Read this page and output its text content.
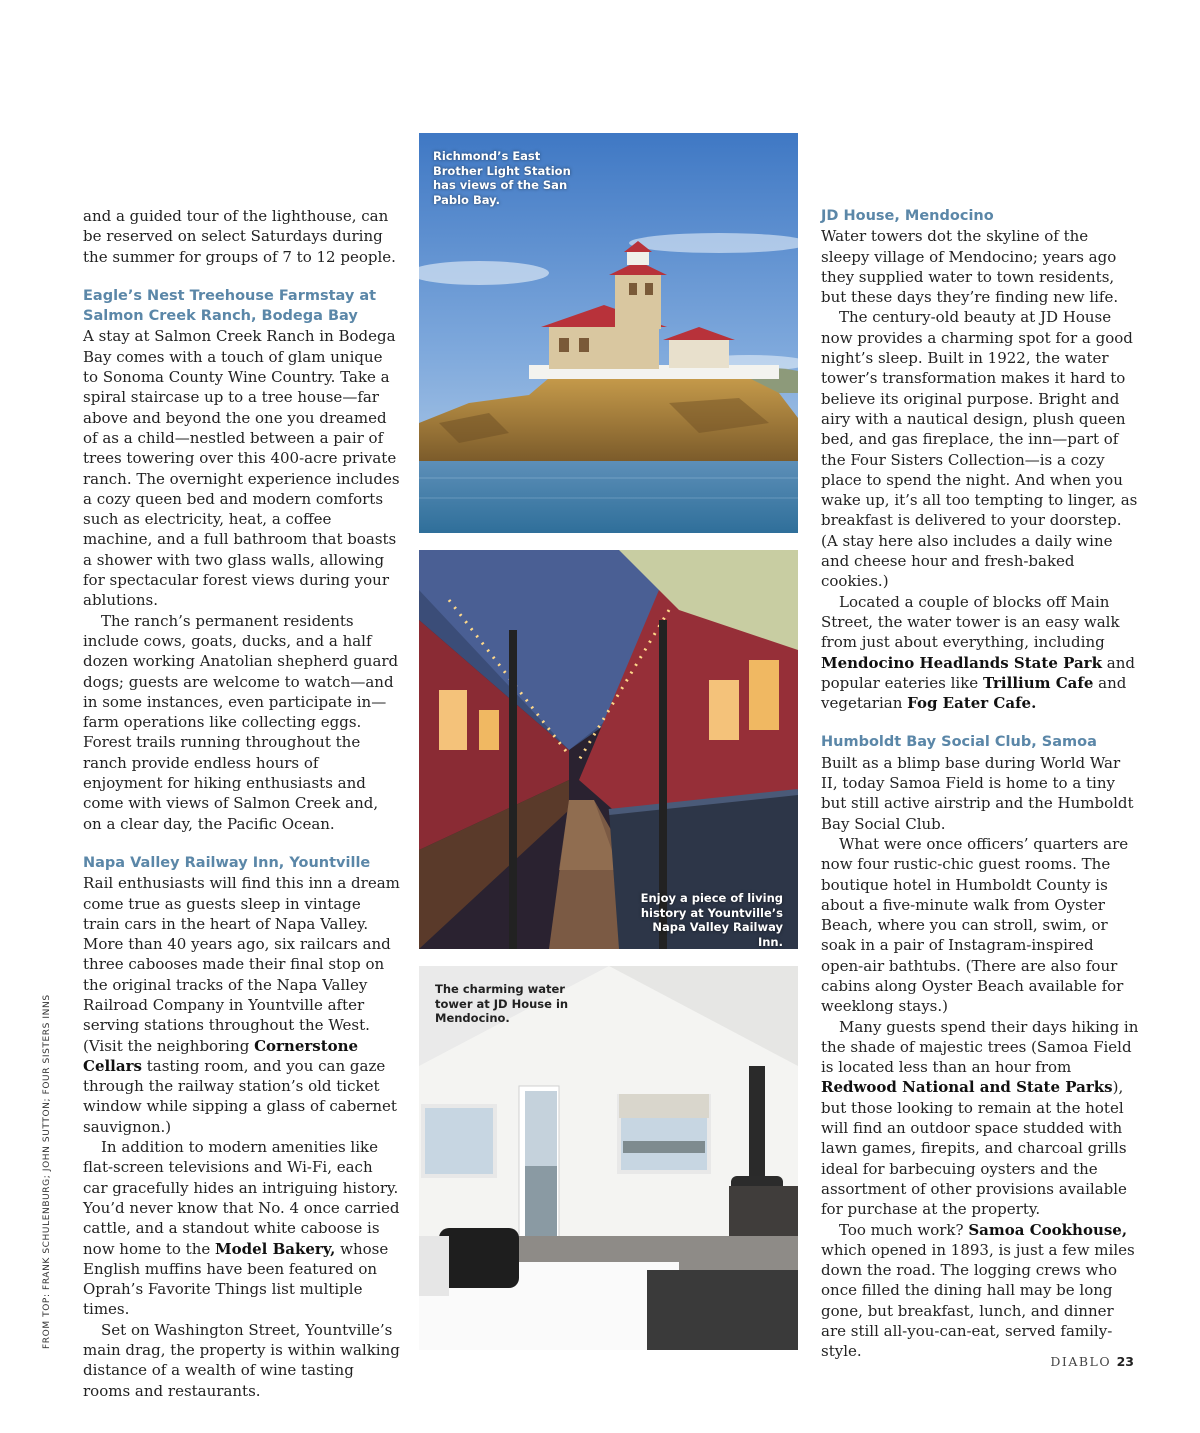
and a guided tour of the lighthouse, can be reserved on select Saturdays during the summer for groups of 7 to 12 people.

Eagle’s Nest Treehouse Farmstay at Salmon Creek Ranch, Bodega Bay

A stay at Salmon Creek Ranch in Bodega Bay comes with a touch of glam unique to Sonoma County Wine Country. Take a spiral staircase up to a tree house—far above and beyond the one you dreamed of as a child—nestled between a pair of trees towering over this 400-acre private ranch. The overnight experience includes a cozy queen bed and modern comforts such as electricity, heat, a coffee machine, and a full bathroom that boasts a shower with two glass walls, allowing for spectacular forest views during your ablutions.

The ranch’s permanent residents include cows, goats, ducks, and a half dozen working Anatolian shepherd guard dogs; guests are welcome to watch—and in some instances, even participate in—farm operations like collecting eggs. Forest trails running throughout the ranch provide endless hours of enjoyment for hiking enthusiasts and come with views of Salmon Creek and, on a clear day, the Pacific Ocean.

Napa Valley Railway Inn, Yountville

Rail enthusiasts will find this inn a dream come true as guests sleep in vintage train cars in the heart of Napa Valley. More than 40 years ago, six railcars and three cabooses made their final stop on the original tracks of the Napa Valley Railroad Company in Yountville after serving stations throughout the West. (Visit the neighboring Cornerstone Cellars tasting room, and you can gaze through the railway station’s old ticket window while sipping a glass of cabernet sauvignon.)

In addition to modern amenities like flat-screen televisions and Wi-Fi, each car gracefully hides an intriguing history. You’d never know that No. 4 once carried cattle, and a standout white caboose is now home to the Model Bakery, whose English muffins have been featured on Oprah’s Favorite Things list multiple times.

Set on Washington Street, Yountville’s main drag, the property is within walking distance of a wealth of wine tasting rooms and restaurants.

JD House, Mendocino

Water towers dot the skyline of the sleepy village of Mendocino; years ago they supplied water to town residents, but these days they’re finding new life.

The century-old beauty at JD House now provides a charming spot for a good night’s sleep. Built in 1922, the water tower’s transformation makes it hard to believe its original purpose. Bright and airy with a nautical design, plush queen bed, and gas fireplace, the inn—part of the Four Sisters Collection—is a cozy place to spend the night. And when you wake up, it’s all too tempting to linger, as breakfast is delivered to your doorstep. (A stay here also includes a daily wine and cheese hour and fresh-baked cookies.)

Located a couple of blocks off Main Street, the water tower is an easy walk from just about everything, including Mendocino Headlands State Park and popular eateries like Trillium Cafe and vegetarian Fog Eater Cafe.

Humboldt Bay Social Club, Samoa

Built as a blimp base during World War II, today Samoa Field is home to a tiny but still active airstrip and the Humboldt Bay Social Club.

What were once officers’ quarters are now four rustic-chic guest rooms. The boutique hotel in Humboldt County is about a five-minute walk from Oyster Beach, where you can stroll, swim, or soak in a pair of Instagram-inspired open-air bathtubs. (There are also four cabins along Oyster Beach available for weeklong stays.)

Many guests spend their days hiking in the shade of majestic trees (Samoa Field is located less than an hour from Redwood National and State Parks), but those looking to remain at the hotel will find an outdoor space studded with lawn games, firepits, and charcoal grills ideal for barbecuing oysters and the assortment of other provisions available for purchase at the property.

Too much work? Samoa Cookhouse, which opened in 1893, is just a few miles down the road. The logging crews who once filled the dining hall may be long gone, but breakfast, lunch, and dinner are still all-you-can-eat, served family-style.

Richmond’s East Brother Light Station has views of the San Pablo Bay.
Enjoy a piece of living history at Yountville’s Napa Valley Railway Inn.
The charming water tower at JD House in Mendocino.
FROM TOP: FRANK SCHULENBURG; JOHN SUTTON; FOUR SISTERS INNS
DIABLO 23
